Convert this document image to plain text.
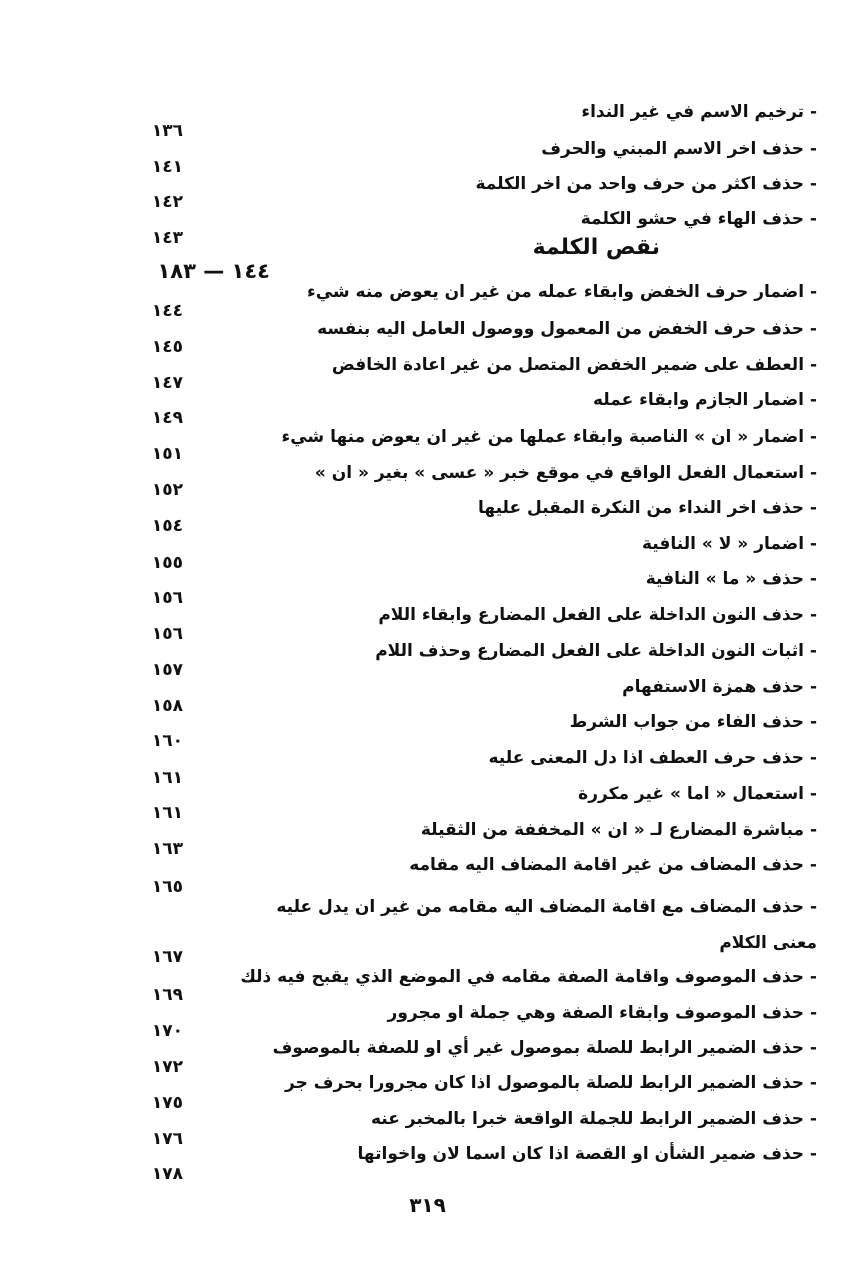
نقص الكلمة
١٤٤ — ١٨٣
٣١٩
- ترخيم الاسم في غير النداء
١٣٦
- حذف اخر الاسم المبني والحرف
١٤١
- حذف اكثر من حرف واحد من اخر الكلمة
١٤٢
- حذف الهاء في حشو الكلمة
١٤٣
- اضمار حرف الخفض وابقاء عمله من غير ان يعوض منه شيء
١٤٤
- حذف حرف الخفض من المعمول ووصول العامل اليه بنفسه
١٤٥
- العطف على ضمير الخفض المتصل من غير اعادة الخافض
١٤٧
- اضمار الجازم وابقاء عمله
١٤٩
- اضمار « ان » الناصبة وابقاء عملها من غير ان يعوض منها شيء
١٥١
- استعمال الفعل الواقع في موقع خبر « عسى » بغير « ان »
١٥٢
- حذف اخر النداء من النكرة المقبل عليها
١٥٤
- اضمار « لا » النافية
١٥٥
- حذف « ما » النافية
١٥٦
- حذف النون الداخلة على الفعل المضارع وابقاء اللام
١٥٦
- اثبات النون الداخلة على الفعل المضارع وحذف اللام
١٥٧
- حذف همزة الاستفهام
١٥٨
- حذف الفاء من جواب الشرط
١٦٠
- حذف حرف العطف اذا دل المعنى عليه
١٦١
- استعمال « اما » غير مكررة
١٦١
- مباشرة المضارع لـ « ان » المخففة من الثقيلة
١٦٣
- حذف المضاف من غير اقامة المضاف اليه مقامه
١٦٥
- حذف المضاف مع اقامة المضاف اليه مقامه من غير ان يدل عليه معنى الكلام
١٦٧
- حذف الموصوف واقامة الصفة مقامه في الموضع الذي يقبح فيه ذلك
١٦٩
- حذف الموصوف وابقاء الصفة وهي جملة او مجرور
١٧٠
- حذف الضمير الرابط للصلة بموصول غير أي او للصفة بالموصوف
١٧٢
- حذف الضمير الرابط للصلة بالموصول اذا كان مجرورا بحرف جر
١٧٥
- حذف الضمير الرابط للجملة الواقعة خبرا بالمخبر عنه
١٧٦
- حذف ضمير الشأن او القصة اذا كان اسما لان واخواتها
١٧٨
